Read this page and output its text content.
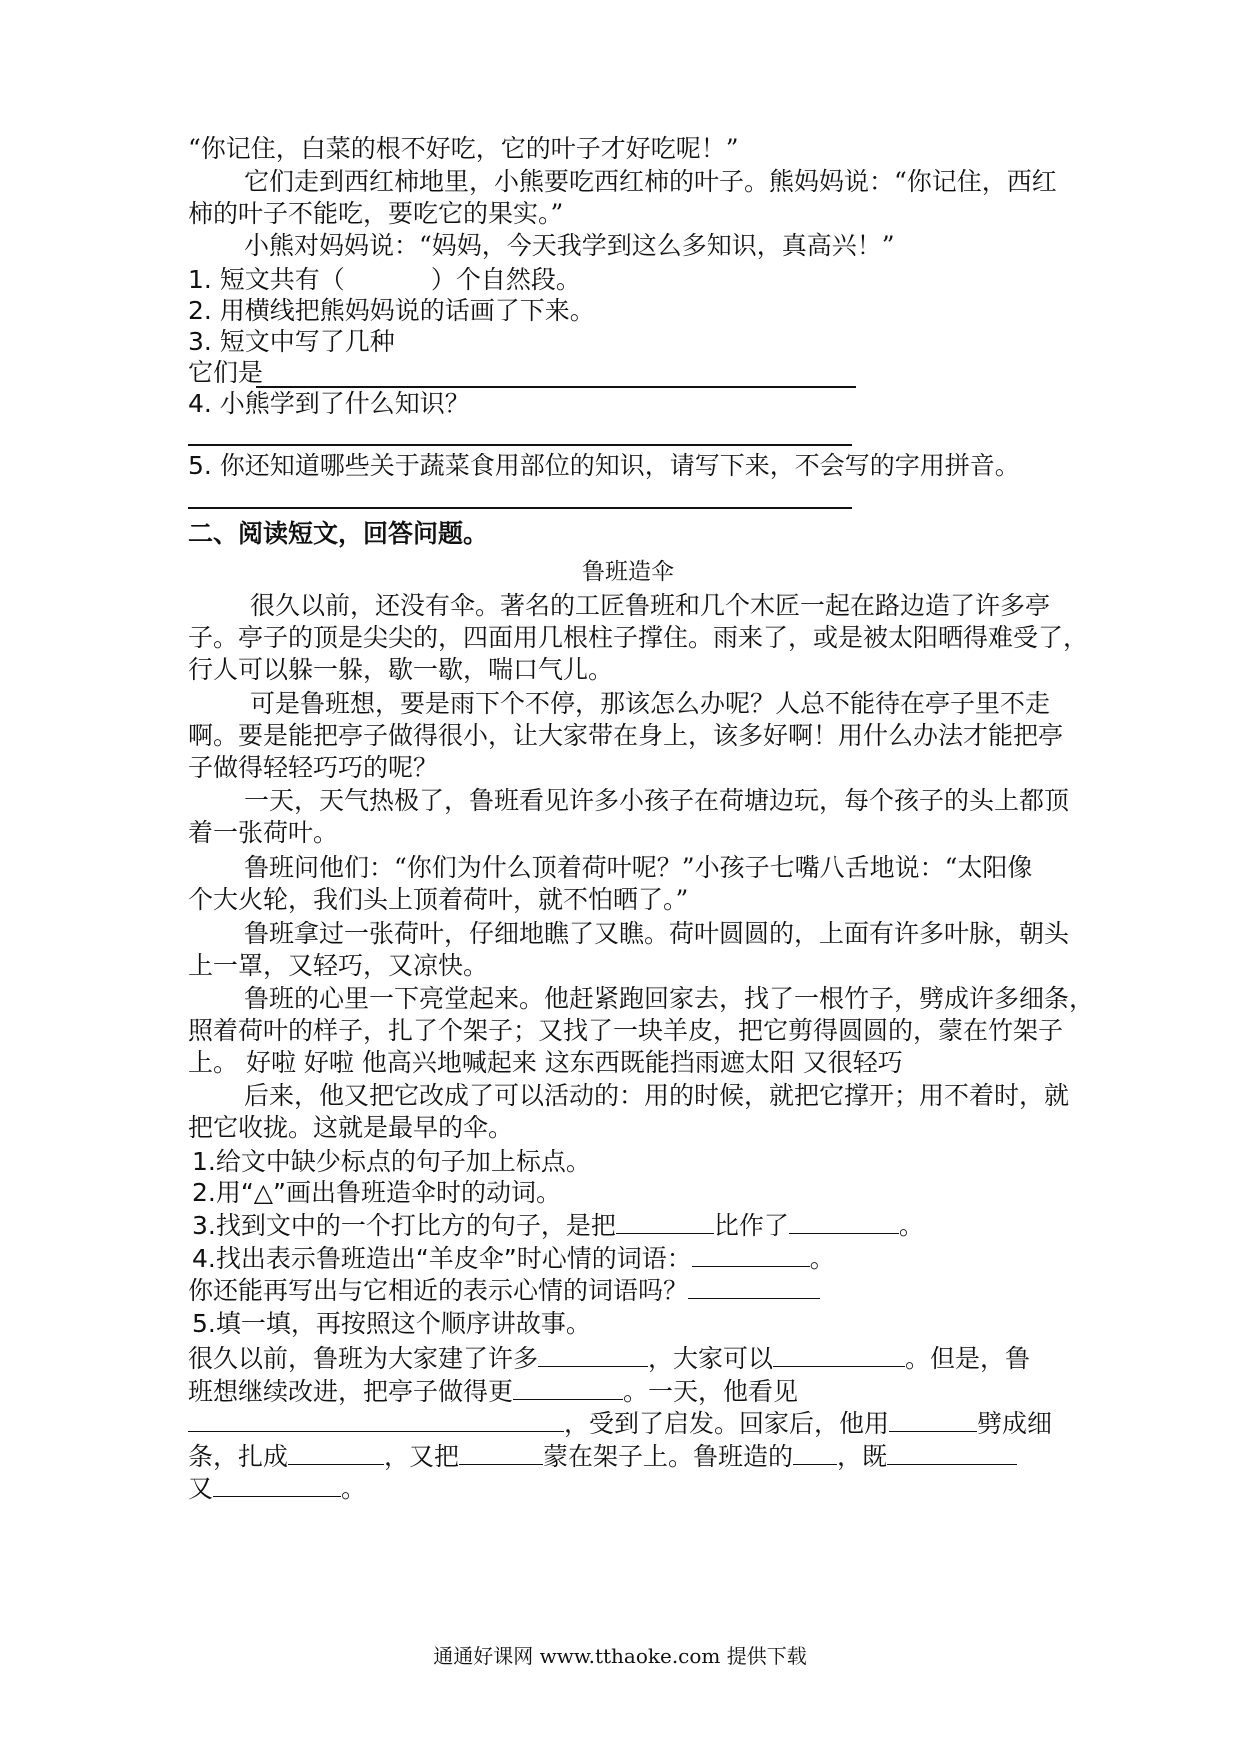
“你记住，白菜的根不好吃，它的叶子才好吃呢！”
它们走到西红柿地里，小熊要吃西红柿的叶子。熊妈妈说：“你记住，西红
柿的叶子不能吃，要吃它的果实。”
小熊对妈妈说：“妈妈，今天我学到这么多知识，真高兴！”
1. 短文共有（	）个自然段。
2. 用横线把熊妈妈说的话画了下来。
3. 短文中写了几种
它们是
4. 小熊学到了什么知识？
5. 你还知道哪些关于蔬菜食用部位的知识，请写下来，不会写的字用拼音。
二、阅读短文，回答问题。
鲁班造伞
很久以前，还没有伞。著名的工匠鲁班和几个木匠一起在路边造了许多亭
子。亭子的顶是尖尖的，四面用几根柱子撑住。雨来了，或是被太阳晒得难受了，
行人可以躲一躲，歇一歇，喘口气儿。
可是鲁班想，要是雨下个不停，那该怎么办呢？人总不能待在亭子里不走
啊。要是能把亭子做得很小，让大家带在身上，该多好啊！用什么办法才能把亭
子做得轻轻巧巧的呢？
一天，天气热极了，鲁班看见许多小孩子在荷塘边玩，每个孩子的头上都顶
着一张荷叶。
鲁班问他们：“你们为什么顶着荷叶呢？”小孩子七嘴八舌地说：“太阳像
个大火轮，我们头上顶着荷叶，就不怕晒了。”
鲁班拿过一张荷叶，仔细地瞧了又瞧。荷叶圆圆的，上面有许多叶脉，朝头
上一罩，又轻巧，又凉快。
鲁班的心里一下亮堂起来。他赶紧跑回家去，找了一根竹子，劈成许多细条，
照着荷叶的样子，扎了个架子；又找了一块羊皮，把它剪得圆圆的，蒙在竹架子
上。 好啦 好啦 他高兴地喊起来 这东西既能挡雨遮太阳 又很轻巧
后来，他又把它改成了可以活动的：用的时候，就把它撑开；用不着时，就
把它收拢。这就是最早的伞。
1.给文中缺少标点的句子加上标点。
2.用“△”画出鲁班造伞时的动词。
3.找到文中的一个打比方的句子，是把	比作了	。
4.找出表示鲁班造出“羊皮伞”时心情的词语：	。
你还能再写出与它相近的表示心情的词语吗？
5.填一填，再按照这个顺序讲故事。
很久以前，鲁班为大家建了许多	，大家可以	。但是，鲁
班想继续改进，把亭子做得更	。一天，他看见
，受到了启发。回家后，他用	劈成细
条，扎成	，又把	蒙在架子上。鲁班造的 ，既
又	。
通通好课网 www.tthaoke.com 提供下载
